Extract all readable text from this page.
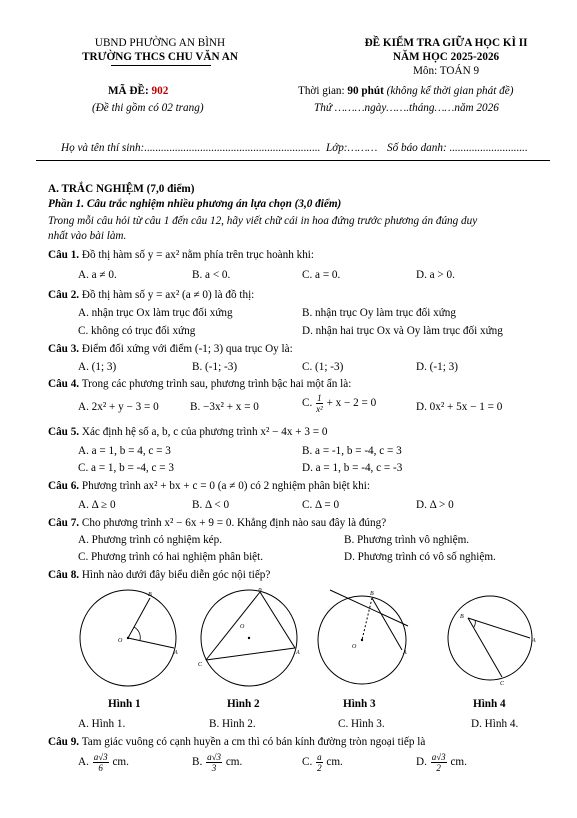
UBND PHƯỜNG AN BÌNH
TRƯỜNG THCS CHU VĂN AN
ĐỀ KIỂM TRA GIỮA HỌC KÌ II
NĂM HỌC 2025-2026
Môn: TOÁN 9
MÃ ĐỀ: 902
(Đề thi gồm có 02 trang)
Thời gian: 90 phút (không kể thời gian phát đề)
Thứ ………ngày…….tháng……năm 2026
Họ và tên thí sinh:............................................................... Lớp:……… Số báo danh: ............................
A. TRẮC NGHIỆM (7,0 điểm)
Phần 1. Câu trắc nghiệm nhiều phương án lựa chọn (3,0 điểm)
Trong mỗi câu hỏi từ câu 1 đến câu 12, hãy viết chữ cái in hoa đứng trước phương án đúng duy
nhất vào bài làm.
Câu 1. Đồ thị hàm số y = ax² nằm phía trên trục hoành khi:
A. a ≠ 0.	B. a < 0.	C. a = 0.	D. a > 0.
Câu 2. Đồ thị hàm số y = ax² (a ≠ 0) là đồ thị:
A. nhận trục Ox làm trục đối xứng	B. nhận trục Oy làm trục đối xứng
C. không có trục đối xứng	D. nhận hai trục Ox và Oy làm trục đối xứng
Câu 3. Điểm đối xứng với điểm (-1; 3) qua trục Oy là:
A. (1; 3)	B. (-1; -3)	C. (1; -3)	D. (-1; 3)
Câu 4. Trong các phương trình sau, phương trình bậc hai một ẩn là:
A. 2x² + y − 3 = 0	B. −3x² + x = 0	C. $\frac{1}{\text{x²}} + x - 2 = 0$	D. 0x² + 5x − 1 = 0
Câu 5. Xác định hệ số a, b, c của phương trình x² − 4x + 3 = 0
A. a = 1, b = 4, c = 3	B. a = -1, b = -4, c = 3
C. a = 1, b = -4, c = 3	D. a = 1, b = -4, c = -3
Câu 6. Phương trình ax² + bx + c = 0 (a ≠ 0) có 2 nghiệm phân biệt khi:
A. Δ ≥ 0	B. Δ < 0	C. Δ = 0	D. Δ > 0
Câu 7. Cho phương trình x² − 6x + 9 = 0. Khẳng định nào sau đây là đúng?
A. Phương trình có nghiệm kép.	B. Phương trình vô nghiệm.
C. Phương trình có hai nghiệm phân biệt.	D. Phương trình có vô số nghiệm.
Câu 8. Hình nào dưới đây biểu diễn góc nội tiếp?
B
O
A
B
O
A
C
B
O
A
B
A
C
Hình 1	Hình 2	Hình 3	Hình 4
A. Hình 1.	B. Hình 2.	C. Hình 3.	D. Hình 4.
Câu 9. Tam giác vuông có cạnh huyền a cm thì có bán kính đường tròn ngoại tiếp là
A. $\frac{a√3}{6}$ cm.	B. $\frac{a√3}{3}$ cm.	C. $\frac{a}{2}$ cm.	D. $\frac{a√3}{2}$ cm.
